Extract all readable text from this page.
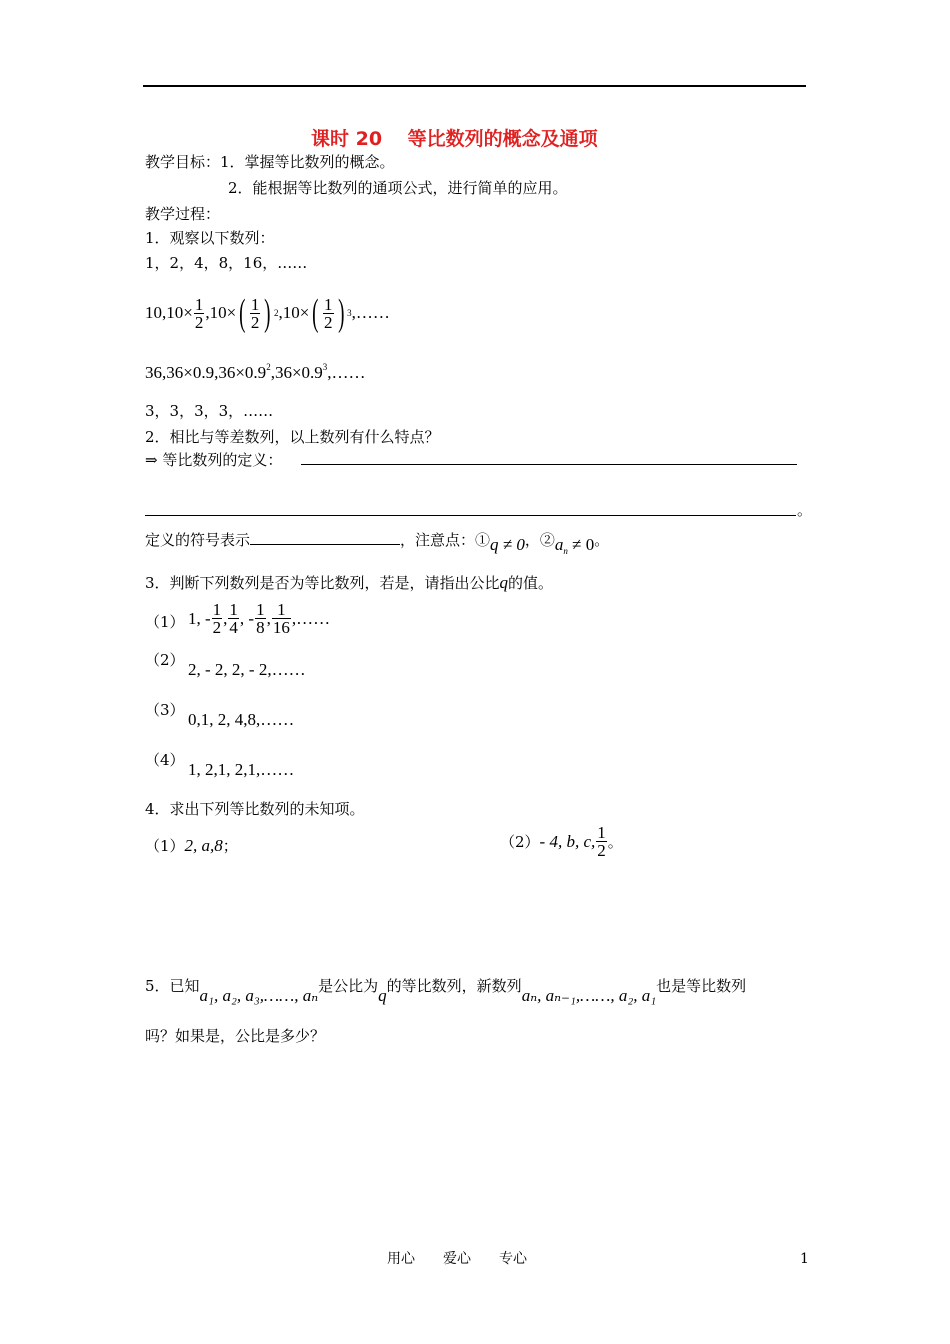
课时 20　 等比数列的概念及通项
教学目标：1．掌握等比数列的概念。
2．能根据等比数列的通项公式，进行简单的应用。
教学过程：
1．观察以下数列：
1，2，4，8，16，……
$10,10\times \frac{1}{2} ,10\times$ ( $\frac{1}{2}$ ) 2 ,10× ( $\frac{1}{2}$ ) 3 ,……
$36,36\times 0.9,36\times 0.9^2,36\times 0.9^3,\dots\dots$
3，3，3，3，……
2．相比与等差数列，以上数列有什么特点？
⇒ 等比数列的定义：
。
定义的符号表示	，注意点：①q ≠ 0，$②a_n \ne 0$。
3．判断下列数列是否为等比数列，若是，请指出公比q的值。
（1） 1, - $\frac{1}{2}$ , $\frac{1}{4}$ , - $\frac{1}{8}$ , $\frac{1}{16}$ ,……
（2） 2, - 2, 2, - 2,……
（3） 0,1, 2, 4,8,……
（4） 1, 2,1, 2,1,……
4．求出下列等比数列的未知项。
（1）2, a,8；	（2） - 4, b, c, $\frac{1}{2}$ 。
5．已知a₁, a₂, a₃,……, aₙ是公比为q的等比数列，新数列aₙ, aₙ₋₁,……, a₂, a₁也是等比数列
吗？如果是，公比是多少？
用心　　爱心　　专心	1
